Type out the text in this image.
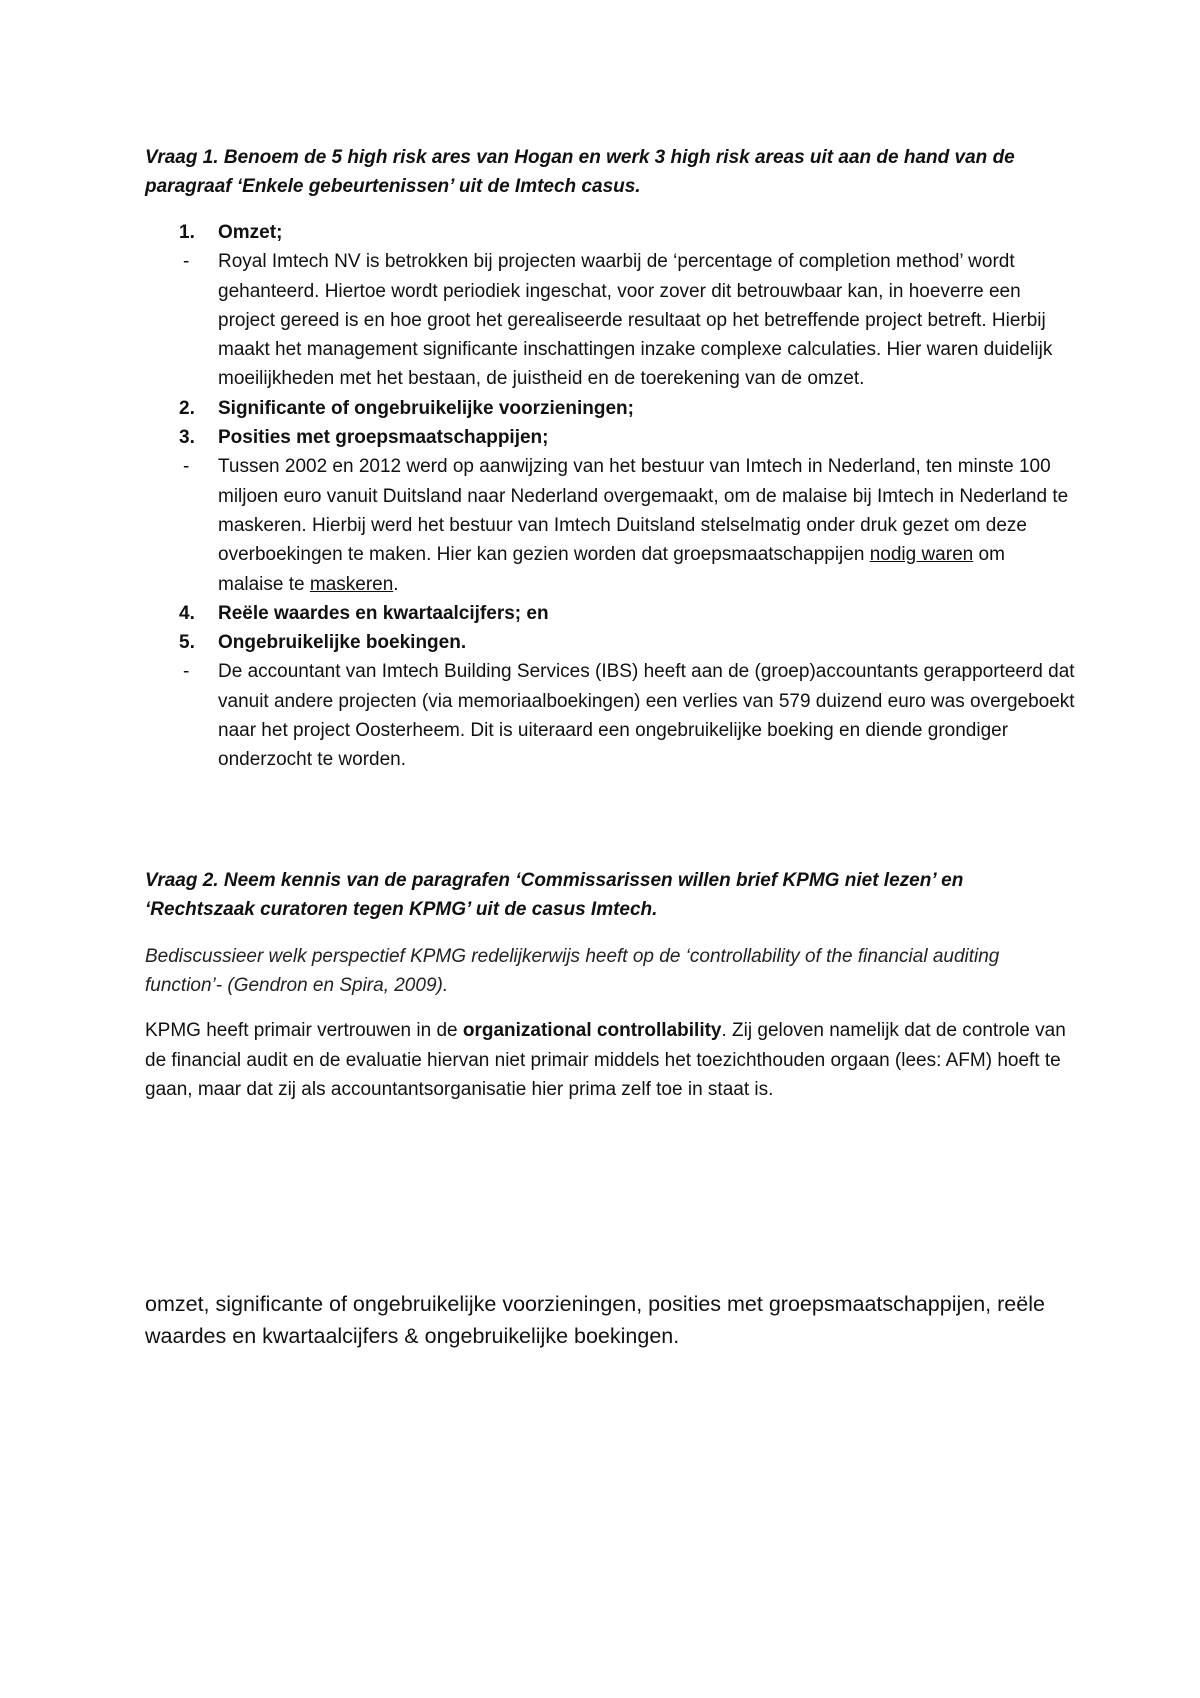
Vraag 1. Benoem de 5 high risk ares van Hogan en werk 3 high risk areas uit aan de hand van de paragraaf ‘Enkele gebeurtenissen’ uit de Imtech casus.

1.	Omzet;
-	Royal Imtech NV is betrokken bij projecten waarbij de ‘percentage of completion method’ wordt gehanteerd. Hiertoe wordt periodiek ingeschat, voor zover dit betrouwbaar kan, in hoeverre een project gereed is en hoe groot het gerealiseerde resultaat op het betreffende project betreft. Hierbij maakt het management significante inschattingen inzake complexe calculaties. Hier waren duidelijk moeilijkheden met het bestaan, de juistheid en de toerekening van de omzet.
2.	Significante of ongebruikelijke voorzieningen;
3.	Posities met groepsmaatschappijen;
-	Tussen 2002 en 2012 werd op aanwijzing van het bestuur van Imtech in Nederland, ten minste 100 miljoen euro vanuit Duitsland naar Nederland overgemaakt, om de malaise bij Imtech in Nederland te maskeren. Hierbij werd het bestuur van Imtech Duitsland stelselmatig onder druk gezet om deze overboekingen te maken. Hier kan gezien worden dat groepsmaatschappijen nodig waren om malaise te maskeren.
4.	Reële waardes en kwartaalcijfers; en
5.	Ongebruikelijke boekingen.
-	De accountant van Imtech Building Services (IBS) heeft aan de (groep)accountants gerapporteerd dat vanuit andere projecten (via memoriaalboekingen) een verlies van 579 duizend euro was overgeboekt naar het project Oosterheem. Dit is uiteraard een ongebruikelijke boeking en diende grondiger onderzocht te worden.

Vraag 2. Neem kennis van de paragrafen ‘Commissarissen willen brief KPMG niet lezen’ en ‘Rechtszaak curatoren tegen KPMG’ uit de casus Imtech.

Bediscussieer welk perspectief KPMG redelijkerwijs heeft op de ‘controllability of the financial auditing function’- (Gendron en Spira, 2009).

KPMG heeft primair vertrouwen in de organizational controllability. Zij geloven namelijk dat de controle van de financial audit en de evaluatie hiervan niet primair middels het toezichthouden orgaan (lees: AFM) hoeft te gaan, maar dat zij als accountantsorganisatie hier prima zelf toe in staat is.

omzet, significante of ongebruikelijke voorzieningen, posities met groepsmaatschappijen, reële waardes en kwartaalcijfers & ongebruikelijke boekingen.
